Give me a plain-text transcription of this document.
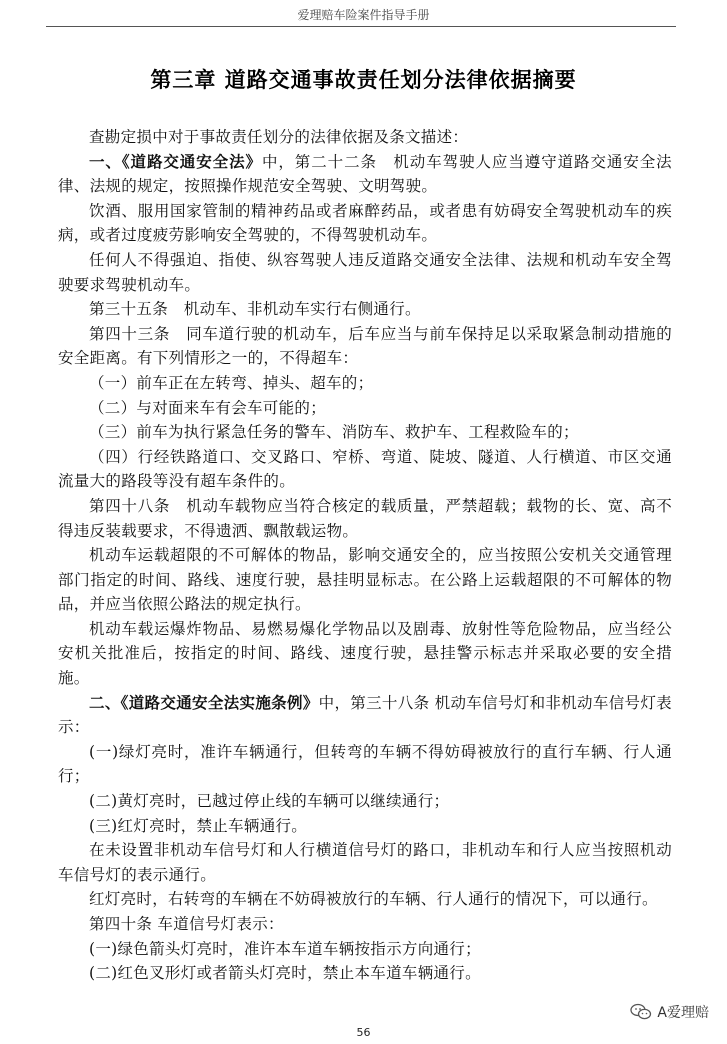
爱理赔车险案件指导手册
第三章 道路交通事故责任划分法律依据摘要

查勘定损中对于事故责任划分的法律依据及条文描述：

一、《道路交通安全法》中，第二十二条　机动车驾驶人应当遵守道路交通安全法律、法规的规定，按照操作规范安全驾驶、文明驾驶。

饮酒、服用国家管制的精神药品或者麻醉药品，或者患有妨碍安全驾驶机动车的疾病，或者过度疲劳影响安全驾驶的，不得驾驶机动车。

任何人不得强迫、指使、纵容驾驶人违反道路交通安全法律、法规和机动车安全驾驶要求驾驶机动车。

第三十五条　机动车、非机动车实行右侧通行。

第四十三条　同车道行驶的机动车，后车应当与前车保持足以采取紧急制动措施的安全距离。有下列情形之一的，不得超车：

（一）前车正在左转弯、掉头、超车的；

（二）与对面来车有会车可能的；

（三）前车为执行紧急任务的警车、消防车、救护车、工程救险车的；

（四）行经铁路道口、交叉路口、窄桥、弯道、陡坡、隧道、人行横道、市区交通流量大的路段等没有超车条件的。

第四十八条　机动车载物应当符合核定的载质量，严禁超载；载物的长、宽、高不得违反装载要求，不得遗洒、飘散载运物。

机动车运载超限的不可解体的物品，影响交通安全的，应当按照公安机关交通管理部门指定的时间、路线、速度行驶，悬挂明显标志。在公路上运载超限的不可解体的物品，并应当依照公路法的规定执行。

机动车载运爆炸物品、易燃易爆化学物品以及剧毒、放射性等危险物品，应当经公安机关批准后，按指定的时间、路线、速度行驶，悬挂警示标志并采取必要的安全措施。

二、《道路交通安全法实施条例》中，第三十八条 机动车信号灯和非机动车信号灯表示：

(一)绿灯亮时，准许车辆通行，但转弯的车辆不得妨碍被放行的直行车辆、行人通行；

(二)黄灯亮时，已越过停止线的车辆可以继续通行；

(三)红灯亮时，禁止车辆通行。

在未设置非机动车信号灯和人行横道信号灯的路口，非机动车和行人应当按照机动车信号灯的表示通行。

红灯亮时，右转弯的车辆在不妨碍被放行的车辆、行人通行的情况下，可以通行。

第四十条 车道信号灯表示：

(一)绿色箭头灯亮时，准许本车道车辆按指示方向通行；

(二)红色叉形灯或者箭头灯亮时，禁止本车道车辆通行。

56
A爱理赔
